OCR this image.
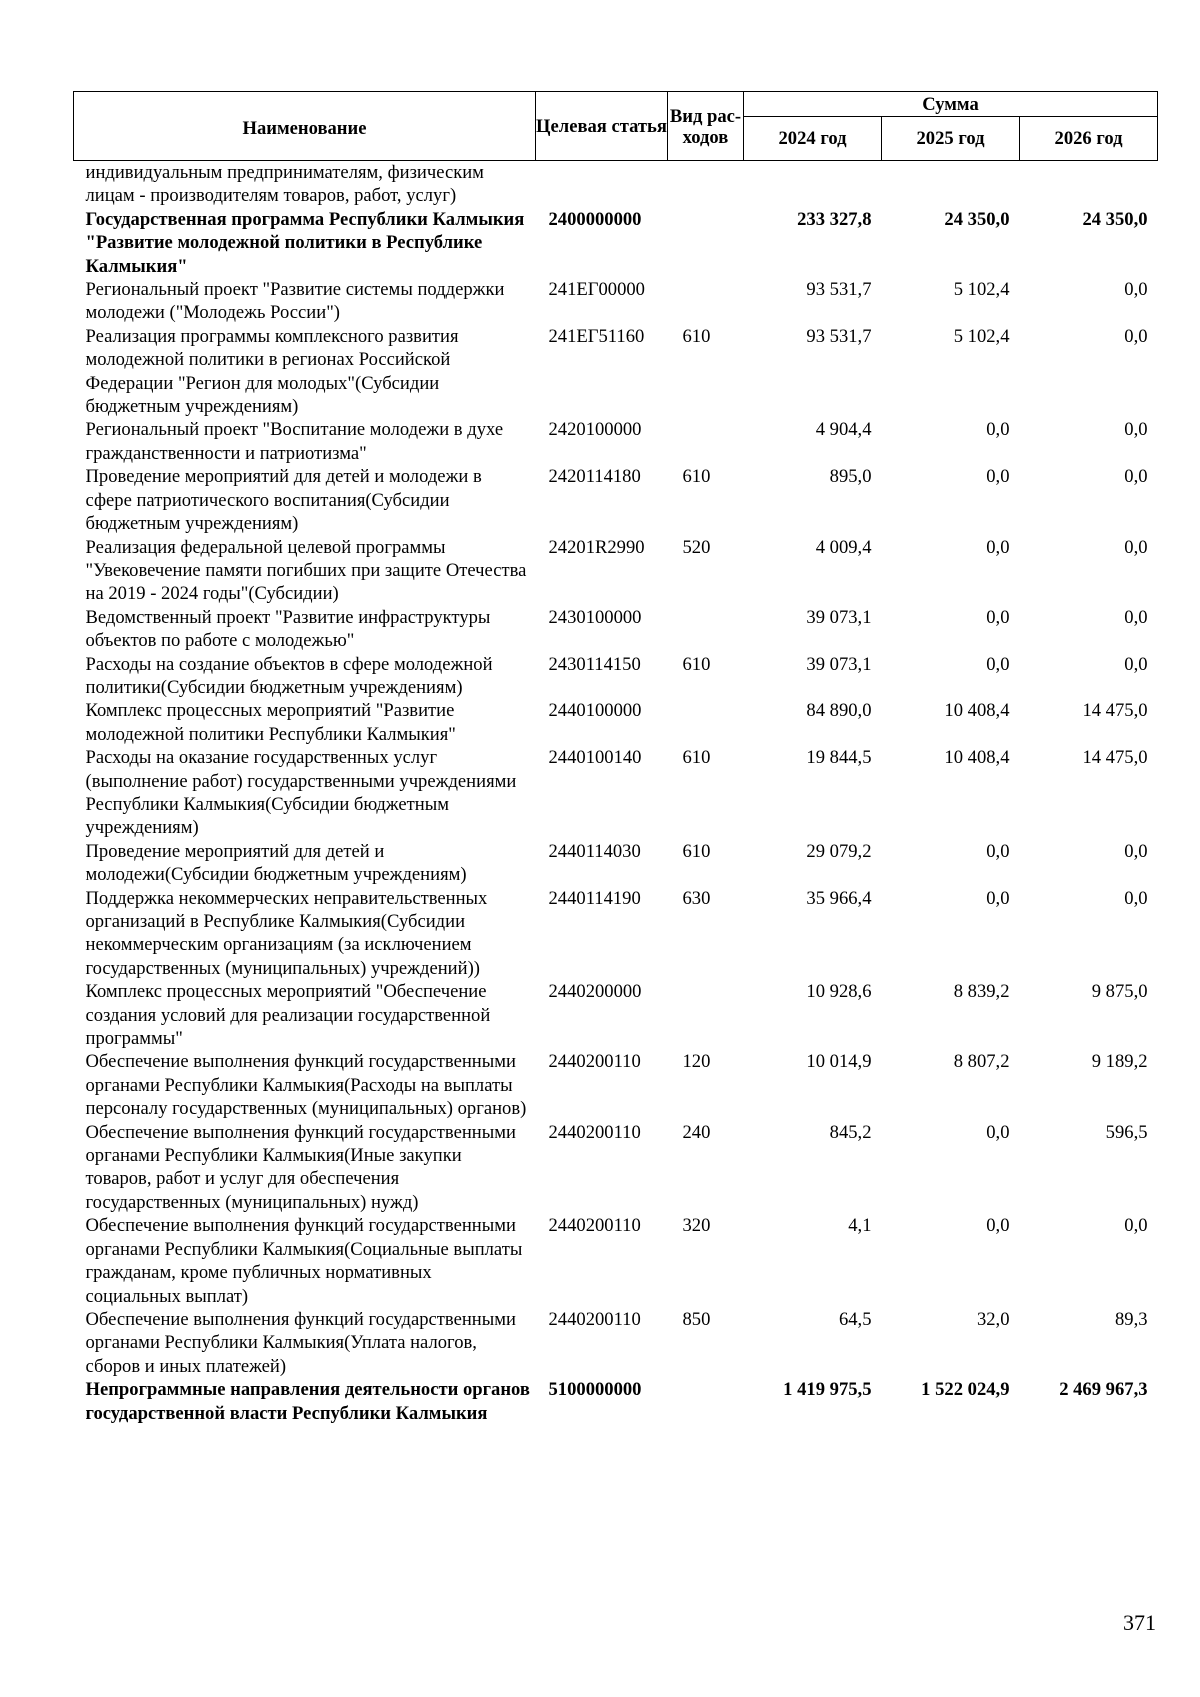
Наименование	Целевая статья	Вид рас-ходов	Сумма		
			2024 год	2025 год	2026 год
индивидуальным предпринимателям, физическим лицам - производителям товаров, работ, услуг)					
Государственная программа Республики Калмыкия "Развитие молодежной политики в Республике Калмыкия"	2400000000		233 327,8	24 350,0	24 350,0
Региональный проект "Развитие системы поддержки молодежи ("Молодежь России")	241ЕГ00000		93 531,7	5 102,4	0,0
Реализация программы комплексного развития молодежной политики в регионах Российской Федерации "Регион для молодых"(Субсидии бюджетным учреждениям)	241ЕГ51160	610	93 531,7	5 102,4	0,0
Региональный проект "Воспитание молодежи в духе гражданственности и патриотизма"	2420100000		4 904,4	0,0	0,0
Проведение мероприятий для детей и молодежи в сфере патриотического воспитания(Субсидии бюджетным учреждениям)	2420114180	610	895,0	0,0	0,0
Реализация федеральной целевой программы "Увековечение памяти погибших при защите Отечества на 2019 - 2024 годы"(Субсидии)	24201R2990	520	4 009,4	0,0	0,0
Ведомственный проект "Развитие инфраструктуры объектов по работе с молодежью"	2430100000		39 073,1	0,0	0,0
Расходы на создание объектов в сфере молодежной политики(Субсидии бюджетным учреждениям)	2430114150	610	39 073,1	0,0	0,0
Комплекс процессных мероприятий "Развитие молодежной политики Республики Калмыкия"	2440100000		84 890,0	10 408,4	14 475,0
Расходы на оказание государственных услуг (выполнение работ) государственными учреждениями Республики Калмыкия(Субсидии бюджетным учреждениям)	2440100140	610	19 844,5	10 408,4	14 475,0
Проведение мероприятий для детей и молодежи(Субсидии бюджетным учреждениям)	2440114030	610	29 079,2	0,0	0,0
Поддержка некоммерческих неправительственных организаций в Республике Калмыкия(Субсидии некоммерческим организациям (за исключением государственных (муниципальных) учреждений))	2440114190	630	35 966,4	0,0	0,0
Комплекс процессных мероприятий "Обеспечение создания условий для реализации государственной программы"	2440200000		10 928,6	8 839,2	9 875,0
Обеспечение выполнения функций государственными органами Республики Калмыкия(Расходы на выплаты персоналу государственных (муниципальных) органов)	2440200110	120	10 014,9	8 807,2	9 189,2
Обеспечение выполнения функций государственными органами Республики Калмыкия(Иные закупки товаров, работ и услуг для обеспечения государственных (муниципальных) нужд)	2440200110	240	845,2	0,0	596,5
Обеспечение выполнения функций государственными органами Республики Калмыкия(Социальные выплаты гражданам, кроме публичных нормативных социальных выплат)	2440200110	320	4,1	0,0	0,0
Обеспечение выполнения функций государственными органами Республики Калмыкия(Уплата налогов, сборов и иных платежей)	2440200110	850	64,5	32,0	89,3
Непрограммные направления деятельности органов государственной власти Республики Калмыкия	5100000000		1 419 975,5	1 522 024,9	2 469 967,3
371
